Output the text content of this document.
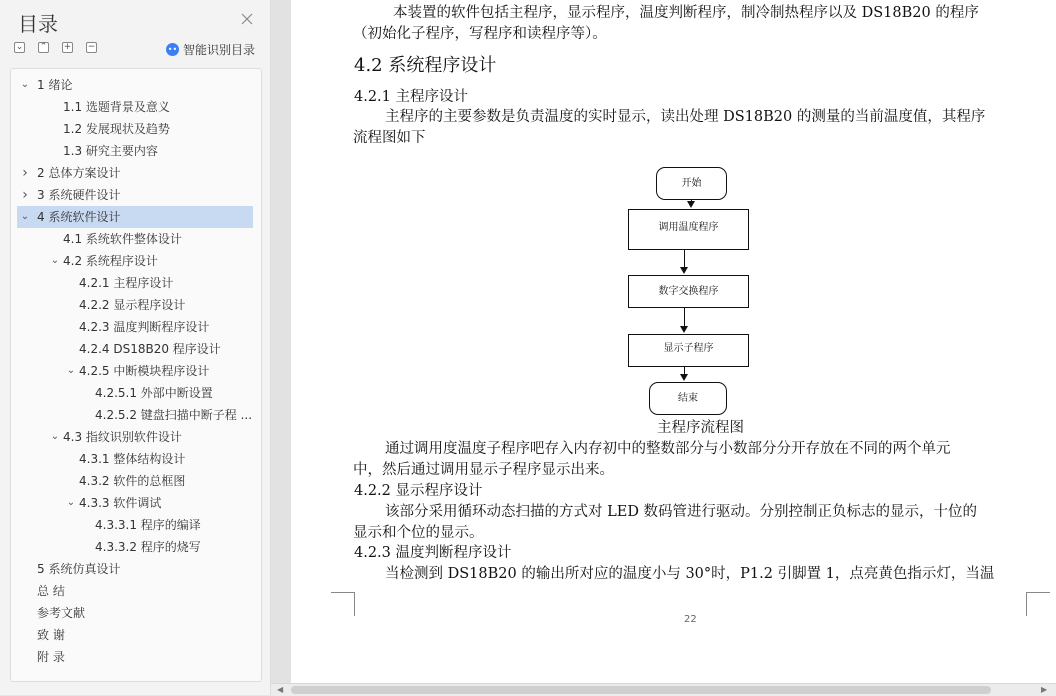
目录
⌄ ⌃ + −	•• 智能识别目录
⌄ 1 绪论
1.1 选题背景及意义
1.2 发展现状及趋势
1.3 研究主要内容
› 2 总体方案设计
› 3 系统硬件设计
⌄ 4 系统软件设计
4.1 系统软件整体设计
⌄ 4.2 系统程序设计
4.2.1 主程序设计
4.2.2 显示程序设计
4.2.3 温度判断程序设计
4.2.4 DS18B20 程序设计
⌄ 4.2.5 中断模块程序设计
4.2.5.1 外部中断设置
4.2.5.2 键盘扫描中断子程 ...
⌄ 4.3 指纹识别软件设计
4.3.1 整体结构设计
4.3.2 软件的总框图
⌄ 4.3.3 软件调试
4.3.3.1 程序的编译
4.3.3.2 程序的烧写
5 系统仿真设计
总 结
参考文献
致 谢
附 录
本装置的软件包括主程序，显示程序，温度判断程序，制冷制热程序以及 DS18B20 的程序
（初始化子程序，写程序和读程序等）。
4.2 系统程序设计
4.2.1 主程序设计
主程序的主要参数是负责温度的实时显示，读出处理 DS18B20 的测量的当前温度值，其程序
流程图如下
开始
调用温度程序
数字交换程序
显示子程序
结束
主程序流程图
通过调用度温度子程序吧存入内存初中的整数部分与小数部分分开存放在不同的两个单元
中，然后通过调用显示子程序显示出来。
4.2.2 显示程序设计
该部分采用循环动态扫描的方式对 LED 数码管进行驱动。分别控制正负标志的显示，十位的
显示和个位的显示。
4.2.3 温度判断程序设计
当检测到 DS18B20 的输出所对应的温度小与 30°时，P1.2 引脚置 1，点亮黄色指示灯，当温
22
◀	▶
